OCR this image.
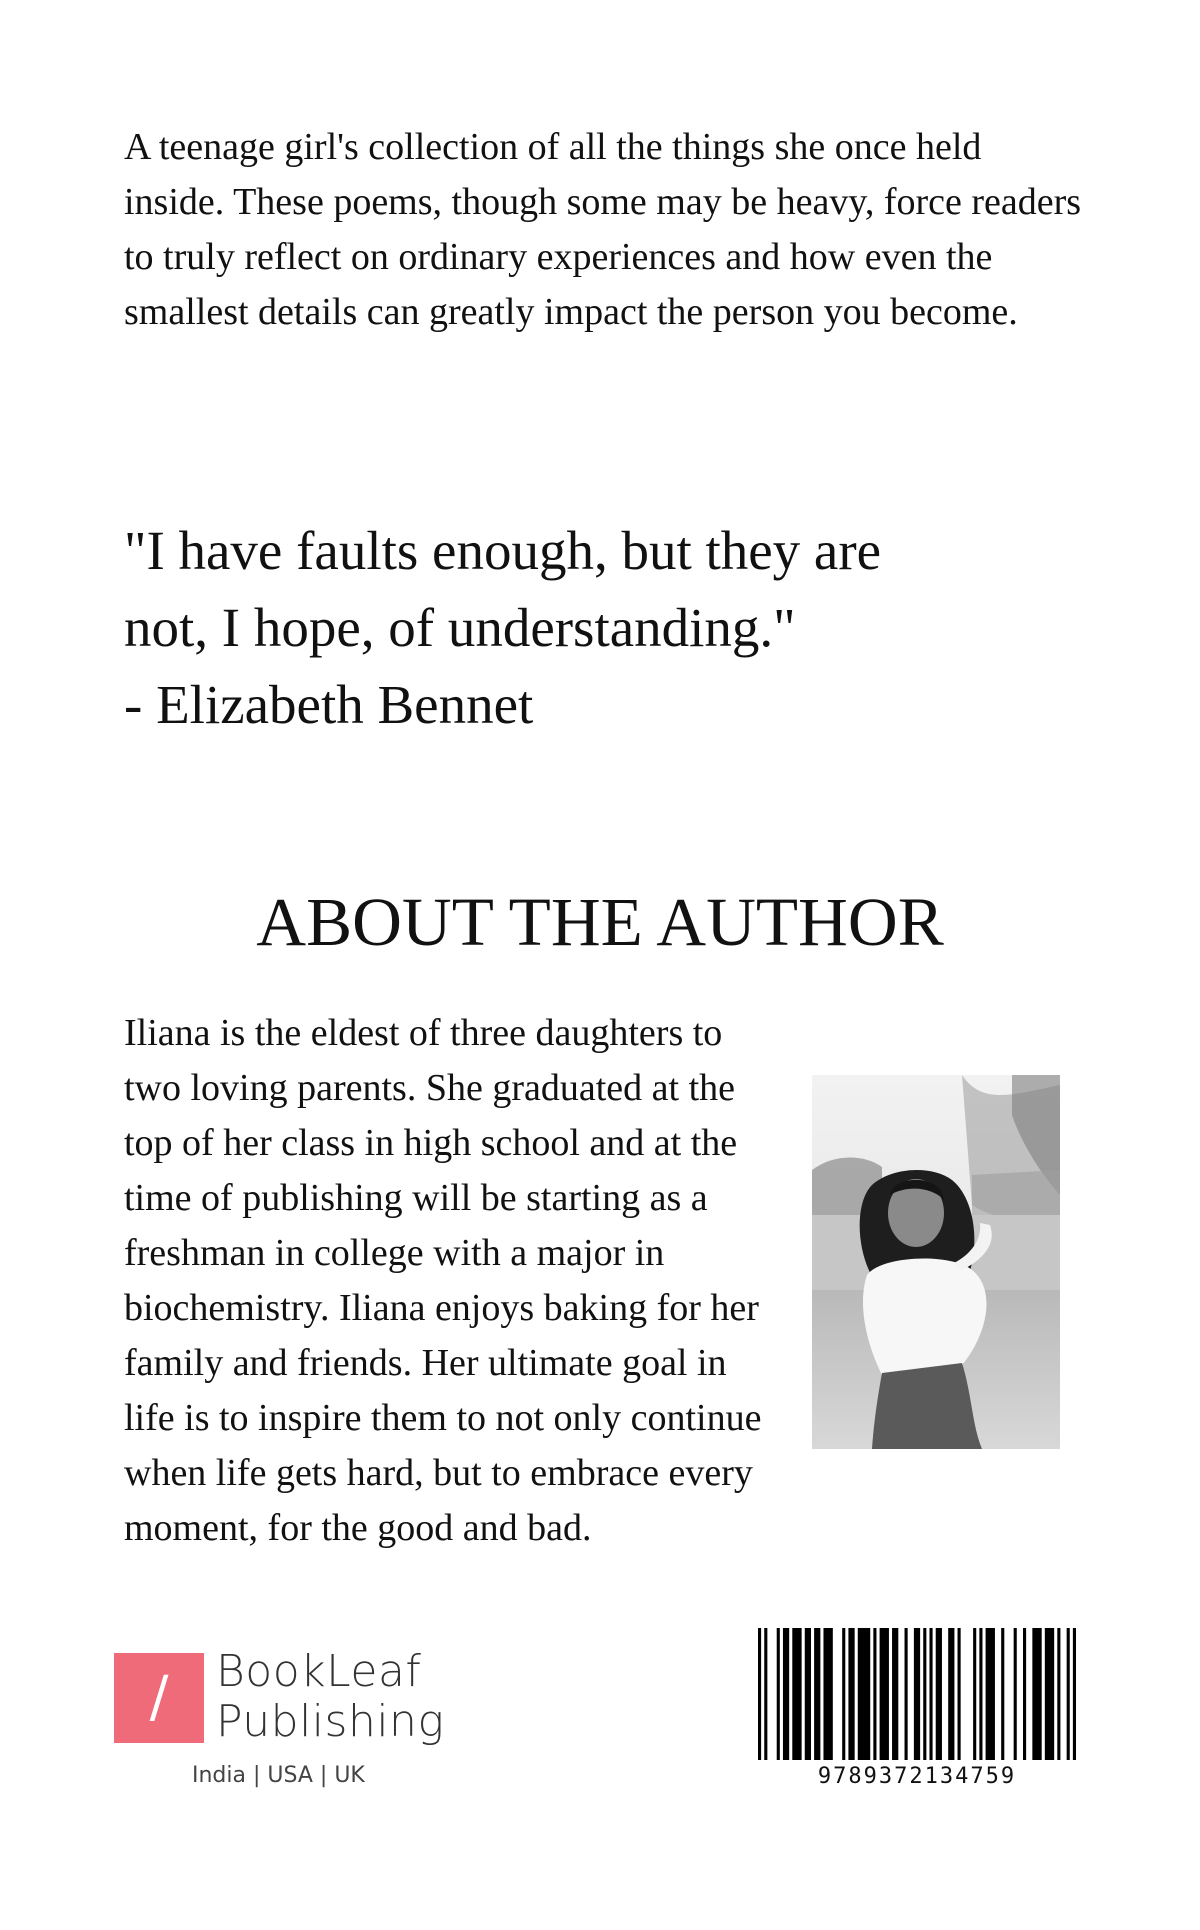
A teenage girl's collection of all the things she once held inside. These poems, though some may be heavy, force readers to truly reflect on ordinary experiences and how even the smallest details can greatly impact the person you become.

"I have faults enough, but they are
not, I hope, of understanding."
- Elizabeth Bennet
ABOUT THE AUTHOR

Iliana is the eldest of three daughters to two loving parents. She graduated at the top of her class in high school and at the time of publishing will be starting as a freshman in college with a major in biochemistry. Iliana enjoys baking for her family and friends. Her ultimate goal in life is to inspire them to not only continue when life gets hard, but to embrace every moment, for the good and bad.

/	BookLeaf
Publishing
India | USA | UK	9789372134759
